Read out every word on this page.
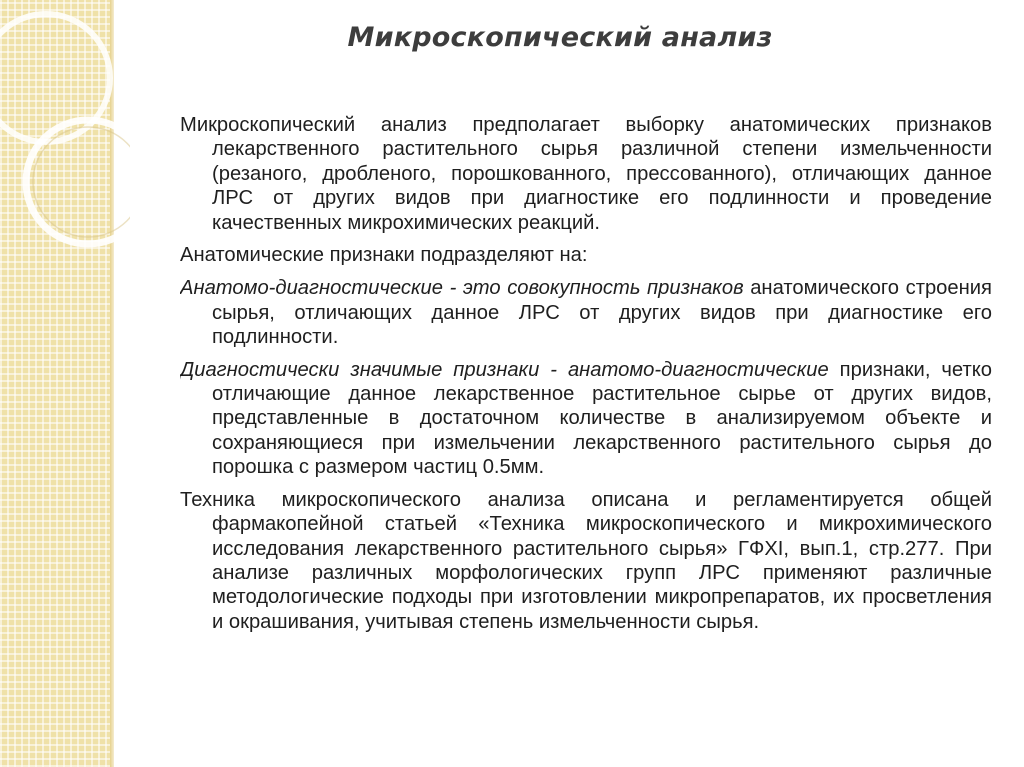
Микроскопический анализ

Микроскопический анализ предполагает выборку анатомических признаков лекарственного растительного сырья различной степени измельченности (резаного, дробленого, порошкованного, прессованного), отличающих данное ЛРС от других видов при диагностике его подлинности и проведение качественных микрохимических реакций.

Анатомические признаки подразделяют на:

Анатомо-диагностические - это совокупность признаков анатомического строения сырья, отличающих данное ЛРС от других видов при диагностике его подлинности.

Диагностически значимые признаки - анатомо-диагностические признаки, четко отличающие данное лекарственное растительное сырье от других видов, представленные в достаточном количестве в анализируемом объекте и сохраняющиеся при измельчении лекарственного растительного сырья до порошка с размером частиц 0.5мм.

Техника микроскопического анализа описана и регламентируется общей фармакопейной статьей «Техника микроскопического и микрохимического исследования лекарственного растительного сырья» ГФXI, вып.1, стр.277. При анализе различных морфологических групп ЛРС применяют различные методологические подходы при изготовлении микропрепаратов, их просветления и окрашивания, учитывая степень измельченности сырья.
